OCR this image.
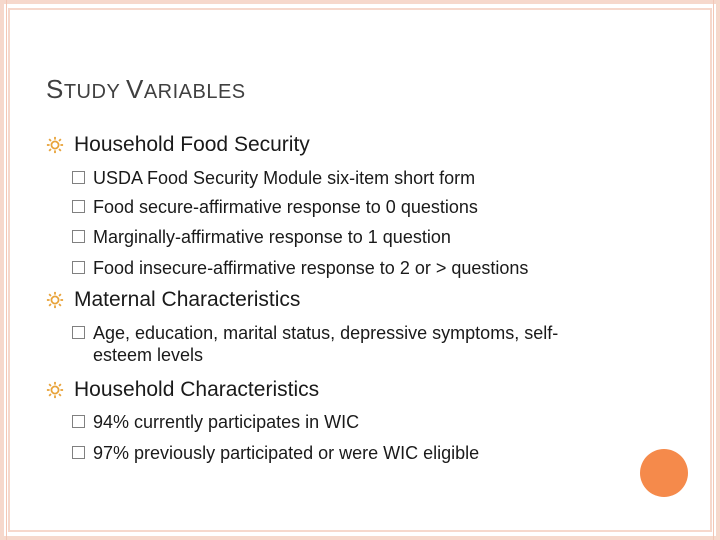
STUDY VARIABLES
Household Food Security
USDA Food Security Module six-item short form
Food secure-affirmative response to 0 questions
Marginally-affirmative response to 1 question
Food insecure-affirmative response to 2 or > questions
Maternal Characteristics
Age, education, marital status, depressive symptoms, self-esteem levels
Household Characteristics
94% currently participates in WIC
97% previously participated or were WIC eligible
